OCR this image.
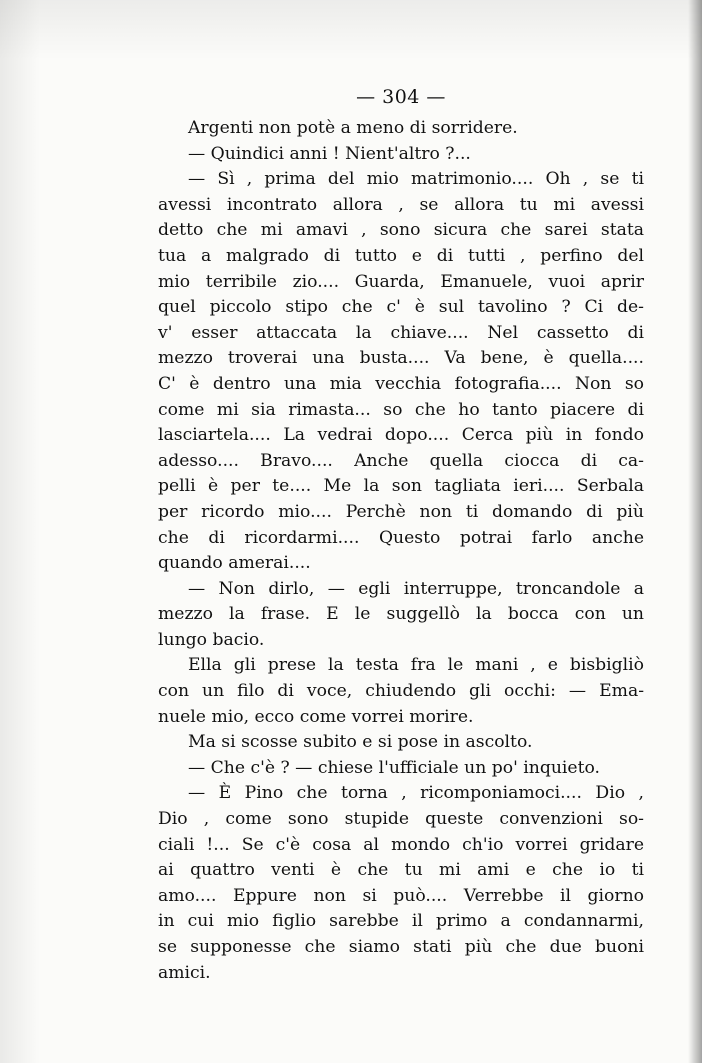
— 304 —
Argenti non potè a meno di sorridere.
— Quindici anni ! Nient'altro ?...
— Sì , prima del mio matrimonio.... Oh , se ti
avessi incontrato allora , se allora tu mi avessi
detto che mi amavi , sono sicura che sarei stata
tua a malgrado di tutto e di tutti , perfino del
mio terribile zio.... Guarda, Emanuele, vuoi aprir
quel piccolo stipo che c' è sul tavolino ? Ci de-
v' esser attaccata la chiave.... Nel cassetto di
mezzo troverai una busta.... Va bene, è quella....
C' è dentro una mia vecchia fotografia.... Non so
come mi sia rimasta... so che ho tanto piacere di
lasciartela.... La vedrai dopo.... Cerca più in fondo
adesso.... Bravo.... Anche quella ciocca di ca-
pelli è per te.... Me la son tagliata ieri.... Serbala
per ricordo mio.... Perchè non ti domando di più
che di ricordarmi.... Questo potrai farlo anche
quando amerai....
— Non dirlo, — egli interruppe, troncandole a
mezzo la frase. E le suggellò la bocca con un
lungo bacio.
Ella gli prese la testa fra le mani , e bisbigliò
con un filo di voce, chiudendo gli occhi: — Ema-
nuele mio, ecco come vorrei morire.
Ma si scosse subito e si pose in ascolto.
— Che c'è ? — chiese l'ufficiale un po' inquieto.
— È Pino che torna , ricomponiamoci.... Dio ,
Dio , come sono stupide queste convenzioni so-
ciali !... Se c'è cosa al mondo ch'io vorrei gridare
ai quattro venti è che tu mi ami e che io ti
amo.... Eppure non si può.... Verrebbe il giorno
in cui mio figlio sarebbe il primo a condannarmi,
se supponesse che siamo stati più che due buoni
amici.
